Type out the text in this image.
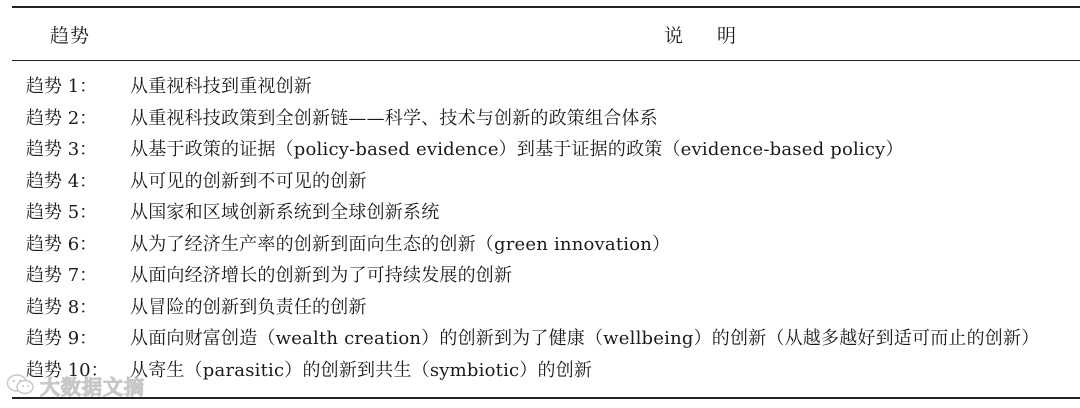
趋势	说 明
趋势 1： 从重视科技到重视创新
趋势 2： 从重视科技政策到全创新链——科学、技术与创新的政策组合体系
趋势 3： 从基于政策的证据（policy-based evidence）到基于证据的政策（evidence-based policy）
趋势 4： 从可见的创新到不可见的创新
趋势 5： 从国家和区域创新系统到全球创新系统
趋势 6： 从为了经济生产率的创新到面向生态的创新（green innovation）
趋势 7： 从面向经济增长的创新到为了可持续发展的创新
趋势 8： 从冒险的创新到负责任的创新
趋势 9： 从面向财富创造（wealth creation）的创新到为了健康（wellbeing）的创新（从越多越好到适可而止的创新）
趋势 10： 从寄生（parasitic）的创新到共生（symbiotic）的创新
大数据文摘
